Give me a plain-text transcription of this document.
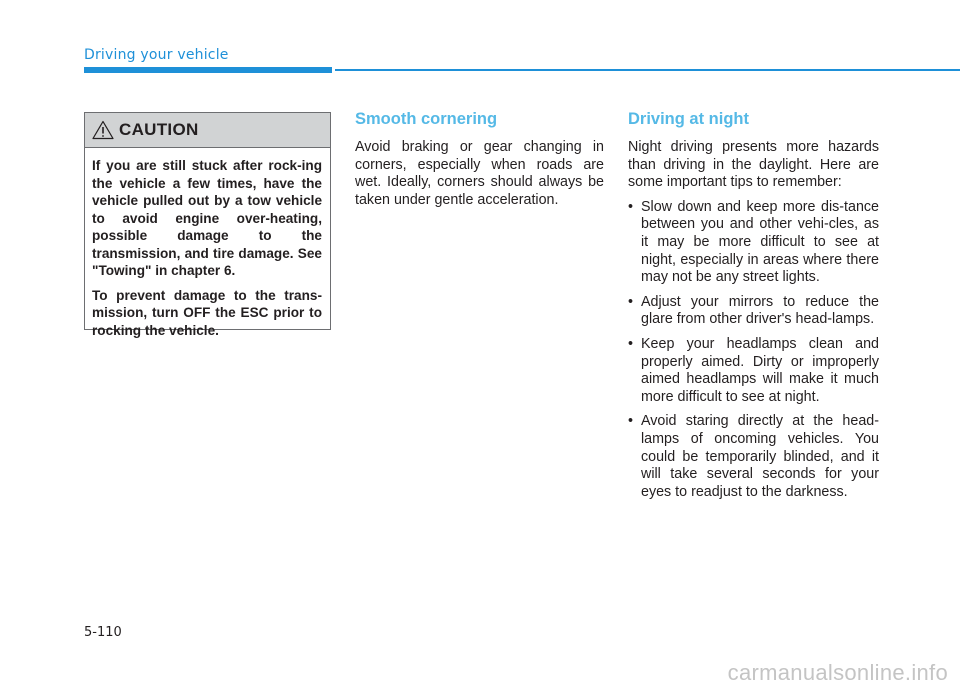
Driving your vehicle
CAUTION

If you are still stuck after rock-ing the vehicle a few times, have the vehicle pulled out by a tow vehicle to avoid engine over-heating, possible damage to the transmission, and tire damage. See "Towing" in chapter 6.

To prevent damage to the trans-mission, turn OFF the ESC prior to rocking the vehicle.

Smooth cornering

Avoid braking or gear changing in corners, especially when roads are wet. Ideally, corners should always be taken under gentle acceleration.

Driving at night

Night driving presents more hazards than driving in the daylight. Here are some important tips to remember:

• Slow down and keep more dis-tance between you and other vehi-cles, as it may be more difficult to see at night, especially in areas where there may not be any street lights.
• Adjust your mirrors to reduce the glare from other driver's head-lamps.
• Keep your headlamps clean and properly aimed. Dirty or improperly aimed headlamps will make it much more difficult to see at night.
• Avoid staring directly at the head-lamps of oncoming vehicles. You could be temporarily blinded, and it will take several seconds for your eyes to readjust to the darkness.
5-110
carmanualsonline.info
